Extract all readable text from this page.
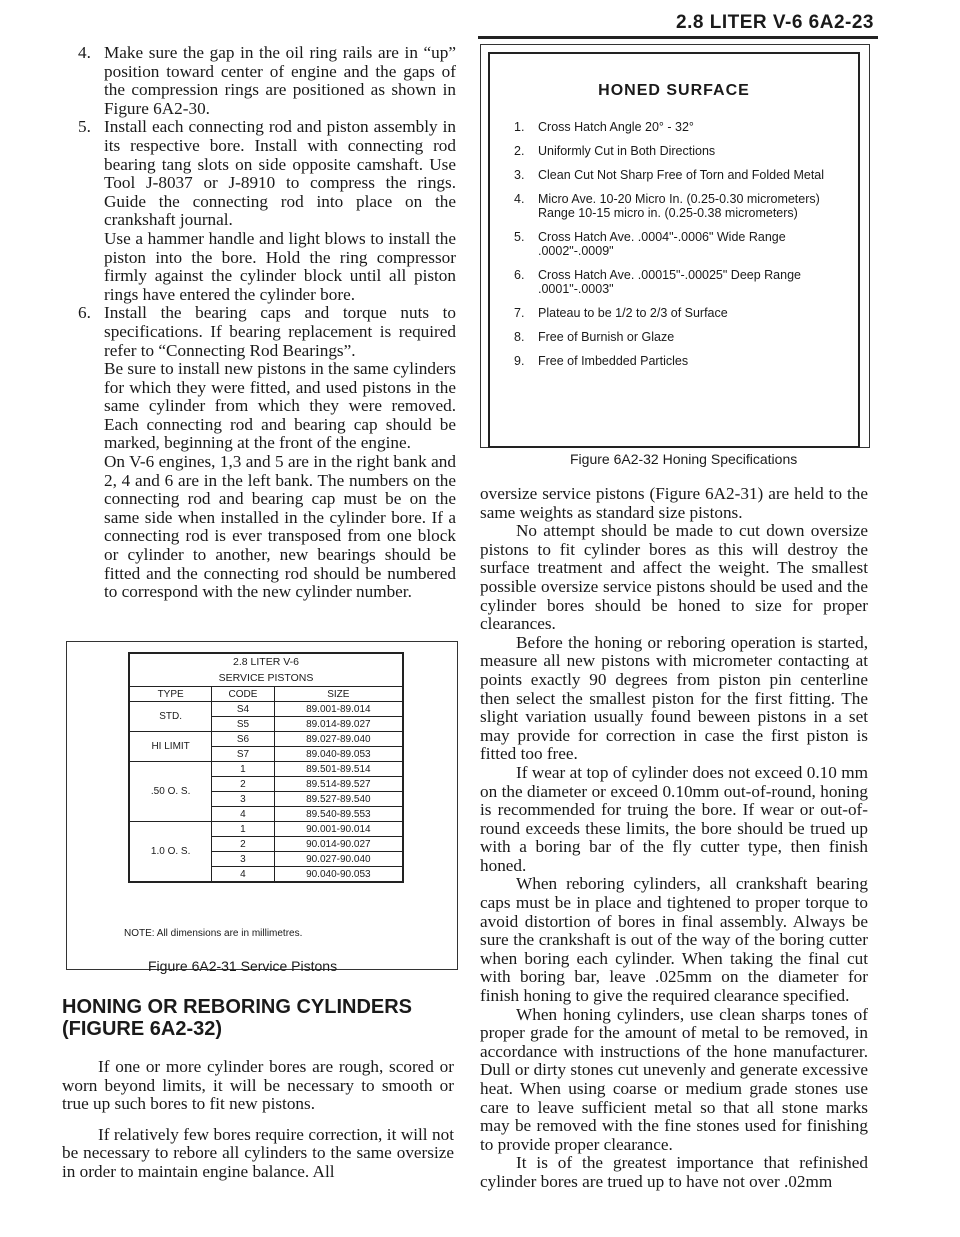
2.8 LITER V-6 6A2-23
4. Make sure the gap in the oil ring rails are in “up” position toward center of engine and the gaps of the compression rings are positioned as shown in Figure 6A2-30.

5. Install each connecting rod and piston assembly in its respective bore. Install with connecting rod bearing tang slots on side opposite camshaft. Use Tool J-8037 or J-8910 to compress the rings. Guide the connecting rod into place on the crankshaft journal.

Use a hammer handle and light blows to install the piston into the bore. Hold the ring compressor firmly against the cylinder block until all piston rings have entered the cylinder bore.

6. Install the bearing caps and torque nuts to specifications. If bearing replacement is required refer to “Connecting Rod Bearings”.

Be sure to install new pistons in the same cylinders for which they were fitted, and used pistons in the same cylinder from which they were removed. Each connecting rod and bearing cap should be marked, beginning at the front of the engine.

On V-6 engines, 1,3 and 5 are in the right bank and 2, 4 and 6 are in the left bank. The numbers on the connecting rod and bearing cap must be on the same side when installed in the cylinder bore. If a connecting rod is ever transposed from one block or cylinder to another, new bearings should be fitted and the connecting rod should be numbered to correspond with the new cylinder number.

2.8 LITER V-6		
SERVICE PISTONS		
TYPE	CODE	SIZE
STD.	S4	89.001-89.014
	S5	89.014-89.027
HI LIMIT	S6	89.027-89.040
	S7	89.040-89.053
.50 O. S.	1	89.501-89.514
	2	89.514-89.527
	3	89.527-89.540
	4	89.540-89.553
1.0 O. S.	1	90.001-90.014
	2	90.014-90.027
	3	90.027-90.040
	4	90.040-90.053
NOTE: All dimensions are in millimetres.
Figure 6A2-31 Service Pistons
HONING OR REBORING CYLINDERS (FIGURE 6A2-32)

If one or more cylinder bores are rough, scored or worn beyond limits, it will be necessary to smooth or true up such bores to fit new pistons.

If relatively few bores require correction, it will not be necessary to rebore all cylinders to the same oversize in order to maintain engine balance. All

HONED SURFACE
1. Cross Hatch Angle 20° - 32°
2. Uniformly Cut in Both Directions
3. Clean Cut Not Sharp Free of Torn and Folded Metal
4. Micro Ave. 10-20 Micro In. (0.25-0.30 micrometers) Range 10-15 micro in. (0.25-0.38 micrometers)
5. Cross Hatch Ave. .0004"-.0006" Wide Range .0002"-.0009"
6. Cross Hatch Ave. .00015"-.00025" Deep Range .0001"-.0003"
7. Plateau to be 1/2 to 2/3 of Surface
8. Free of Burnish or Glaze
9. Free of Imbedded Particles
Figure 6A2-32 Honing Specifications

oversize service pistons (Figure 6A2-31) are held to the same weights as standard size pistons.

No attempt should be made to cut down oversize pistons to fit cylinder bores as this will destroy the surface treatment and affect the weight. The smallest possible oversize service pistons should be used and the cylinder bores should be honed to size for proper clearances.

Before the honing or reboring operation is started, measure all new pistons with micrometer contacting at points exactly 90 degrees from piston pin centerline then select the smallest piston for the first fitting. The slight variation usually found beween pistons in a set may provide for correction in case the first piston is fitted too free.

If wear at top of cylinder does not exceed 0.10 mm on the diameter or exceed 0.10mm out-of-round, honing is recommended for truing the bore. If wear or out-of-round exceeds these limits, the bore should be trued up with a boring bar of the fly cutter type, then finish honed.

When reboring cylinders, all crankshaft bearing caps must be in place and tightened to proper torque to avoid distortion of bores in final assembly. Always be sure the crankshaft is out of the way of the boring cutter when boring each cylinder. When taking the final cut with boring bar, leave .025mm on the diameter for finish honing to give the required clearance specified.

When honing cylinders, use clean sharps tones of proper grade for the amount of metal to be removed, in accordance with instructions of the hone manufacturer. Dull or dirty stones cut unevenly and generate excessive heat. When using coarse or medium grade stones use care to leave sufficient metal so that all stone marks may be removed with the fine stones used for finishing to provide proper clearance.

It is of the greatest importance that refinished cylinder bores are trued up to have not over .02mm
